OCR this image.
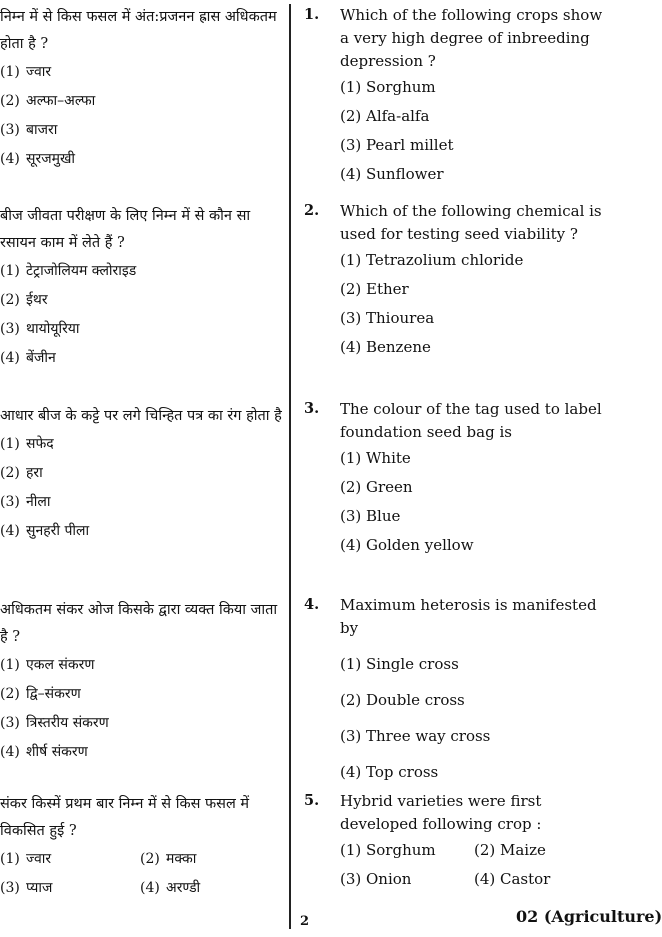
निम्न में से किस फसल में अंत:प्रजनन ह्रास अधिकतम होता है ?
(1) ज्वार
(2) अल्फा–अल्फा
(3) बाजरा
(4) सूरजमुखी
बीज जीवता परीक्षण के लिए निम्न में से कौन सा रसायन काम में लेते हैं ?
(1) टेट्राजोलियम क्लोराइड
(2) ईथर
(3) थायोयूरिया
(4) बेंजीन
आधार बीज के कट्टे पर लगे चिन्हित पत्र का रंग होता है
(1) सफेद
(2) हरा
(3) नीला
(4) सुनहरी पीला
अधिकतम संकर ओज किसके द्वारा व्यक्त किया जाता है ?
(1) एकल संकरण
(2) द्वि–संकरण
(3) त्रिस्तरीय संकरण
(4) शीर्ष संकरण
संकर किस्में प्रथम बार निम्न में से किस फसल में विकसित हुई ?
(1) ज्वार	(2) मक्का
(3) प्याज	(4) अरण्डी
1. Which of the following crops show a very high degree of inbreeding depression ?
(1) Sorghum
(2) Alfa-alfa
(3) Pearl millet
(4) Sunflower
2. Which of the following chemical is used for testing seed viability ?
(1) Tetrazolium chloride
(2) Ether
(3) Thiourea
(4) Benzene
3. The colour of the tag used to label foundation seed bag is
(1) White
(2) Green
(3) Blue
(4) Golden yellow
4. Maximum heterosis is manifested by
(1) Single cross
(2) Double cross
(3) Three way cross
(4) Top cross
5. Hybrid varieties were first developed following crop :
(1) Sorghum	(2) Maize
(3) Onion	(4) Castor
2	02 (Agriculture)
